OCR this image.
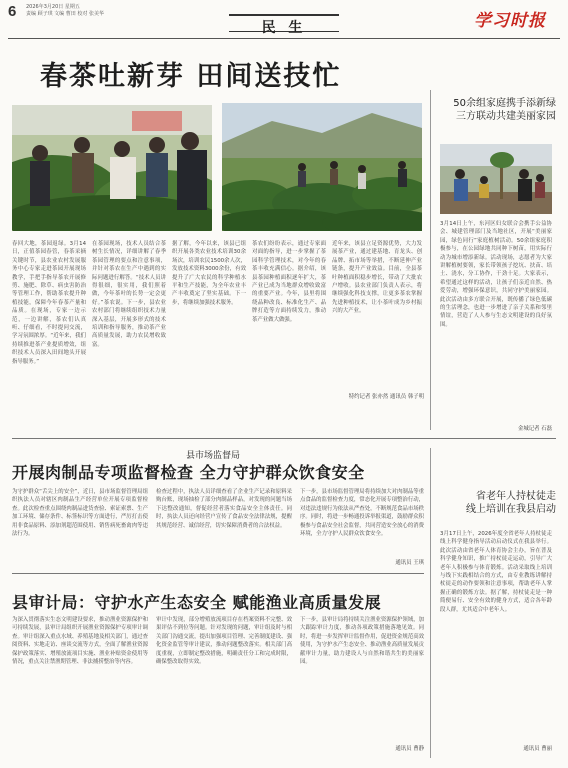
6 2026年3月20日 星期五
责编 顾子琪 文编 曹田 校对 张美华
民 生	学习时报
春茶吐新芽 田间送技忙
春回大地，茶园返绿。3月14日，正值茶园春管，春茶采摘关键时节，县农业农村发展服务中心专家走进茶园开展现场教学，手把手指导茶农开展修剪、施肥、除草、病虫害防治等管理工作，帮助茶农提升种植技能，保障今年春茶产量和品质。在现场，专家一边示范，一边讲解，茶农们认真听、仔细看，不时提问交流，学习氛围浓厚。“近年来，我们持续推进茶产业提质增效，组织技术人员深入田间地头开展指导服务。”
在茶园现场，技术人员结合茶树生长情况，详细讲解了春季茶园管理的要点和注意事项，并针对茶农在生产中遇到的实际问题进行解答。“技术人员讲得很细，很实用，我们照着做，今年茶叶的长势一定会更好。”茶农说。下一步，县农业农村部门将继续组织技术力量深入基层，开展多形式的技术培训和指导服务，推动茶产业高质量发展，助力农民增收致富。
据了解，今年以来，该县已组织开展各类农业技术培训30余场次，培训农民1500余人次，发放技术资料3000余份，有效提升了广大农民的科学种植水平和生产技能，为全年农业丰产丰收奠定了坚实基础。下一步，将继续加强技术服务。
茶农们纷纷表示，通过专家面对面的指导，进一步掌握了茶园科学管理技术，对今年的春茶丰收充满信心。据介绍，该县茶园种植面积逐年扩大，茶产业已成为当地群众增收致富的重要产业。今年，县里将围绕品种改良、标准化生产、品牌打造等方面持续发力，推动茶产业做大做强。
近年来，该县立足资源优势，大力发展茶产业，通过建基地、育龙头、创品牌、拓市场等举措，不断延伸产业链条，提升产业效益。目前，全县茶叶种植面积稳步增长，带动了大批农户增收。县农业部门负责人表示，将继续强化科技支撑，让更多茶农掌握先进种植技术，让小茶叶成为乡村振兴的大产业。
特约记者 张亦然 通讯员 韩子明
50余组家庭携手添新绿
三方联动共建美丽家园
3月14日上午，东河区妇女联合会携手公益协会、城建管理部门及当地社区，开展“美丽家园，绿色同行”家庭植树活动。50余组家庭积极参与，在公园绿地共同种下树苗，用实际行动为城市增添新绿。活动现场，志愿者为大家讲解植树要领，家长带领孩子挖坑、扶苗、培土、浇水，分工协作，干劲十足。大家表示，希望通过这样的活动，让孩子们亲近自然、热爱劳动，增强环保意识，共同守护美丽家园。此次活动由多方联合开展，既传播了绿色低碳的生活理念，也进一步增进了亲子关系和邻里情谊，营造了人人参与生态文明建设的良好氛围。
金城记者 石磊
县市场监督局
开展肉制品专项监督检查 全力守护群众饮食安全
为守护群众“舌尖上的安全”，近日，县市场监督管理局组织执法人员对辖区肉制品生产经营单位开展专项监督检查。此次检查重点围绕肉制品进货查验、索证索票、生产加工环境、储存条件、标签标识等方面进行，严厉打击使用非食品原料、添加剂超范围使用、销售病死畜禽肉等违法行为。
检查过程中，执法人员详细查看了企业生产记录和原料采购台账，现场抽检了部分肉制品样品，对发现的问题当场下达整改通知，督促经营者落实食品安全主体责任。同时，执法人员还向经营户宣传了食品安全法律法规，提醒其规范经营、诚信经营，切实保障消费者的合法权益。
下一步，县市场监督管理局将持续加大对肉制品等重点食品的监督检查力度，常态化开展专项整治行动，对违法违规行为依法从严查处，不断规范食品市场秩序。同时，将进一步畅通投诉举报渠道，鼓励群众积极参与食品安全社会监督，共同营造安全放心的消费环境，全力守护人民群众饮食安全。
通讯员 王琪
省老年人持杖徒走
线上培训在我县启动
3月17日上午，2026年度全省老年人持杖徒走线上科学健身指导活动启动仪式在我县举行。此次活动由省老年人体育协会主办，旨在普及科学健身知识，推广持杖徒走运动，引导广大老年人积极参与体育锻炼。活动采取线上培训与线下实践相结合的方式，由专业教练讲解持杖徒走的动作要领和注意事项，帮助老年人掌握正确的锻炼方法。据了解，持杖徒走是一种简便易行、安全有效的健身方式，适合各年龄段人群，尤其适合中老年人。
通讯员 曹丽
县审计局：守护水产生态安全 赋能渔业高质量发展
为深入贯彻落实生态文明建设要求，推动渔业资源保护和可持续发展，县审计局组织开展渔业资源保护专项审计调查。审计组深入重点水域、养殖基地及相关部门，通过查阅资料、实地走访、座谈交流等方式，全面了解渔业资源保护政策落实、增殖放流项目实施、渔业补贴资金使用等情况，重点关注禁渔期管理、非法捕捞整治等内容。
审计中发现，部分增殖放流项目存在档案资料不完整、效果评估不到位等问题。针对发现的问题，审计组及时与相关部门沟通交流，提出加强项目管理、完善制度建设、强化资金监管等审计建议，推动问题整改落实。相关部门高度重视，立即制定整改措施，明确责任分工和完成时限，确保整改取得实效。
下一步，县审计局将持续关注渔业资源保护领域，加大跟踪审计力度，推动各项政策措施落地见效。同时，将进一步发挥审计监督作用，促进资金规范高效使用，为守护水产生态安全、推动渔业高质量发展贡献审计力量，助力建设人与自然和谐共生的美丽家园。
通讯员 曹静
